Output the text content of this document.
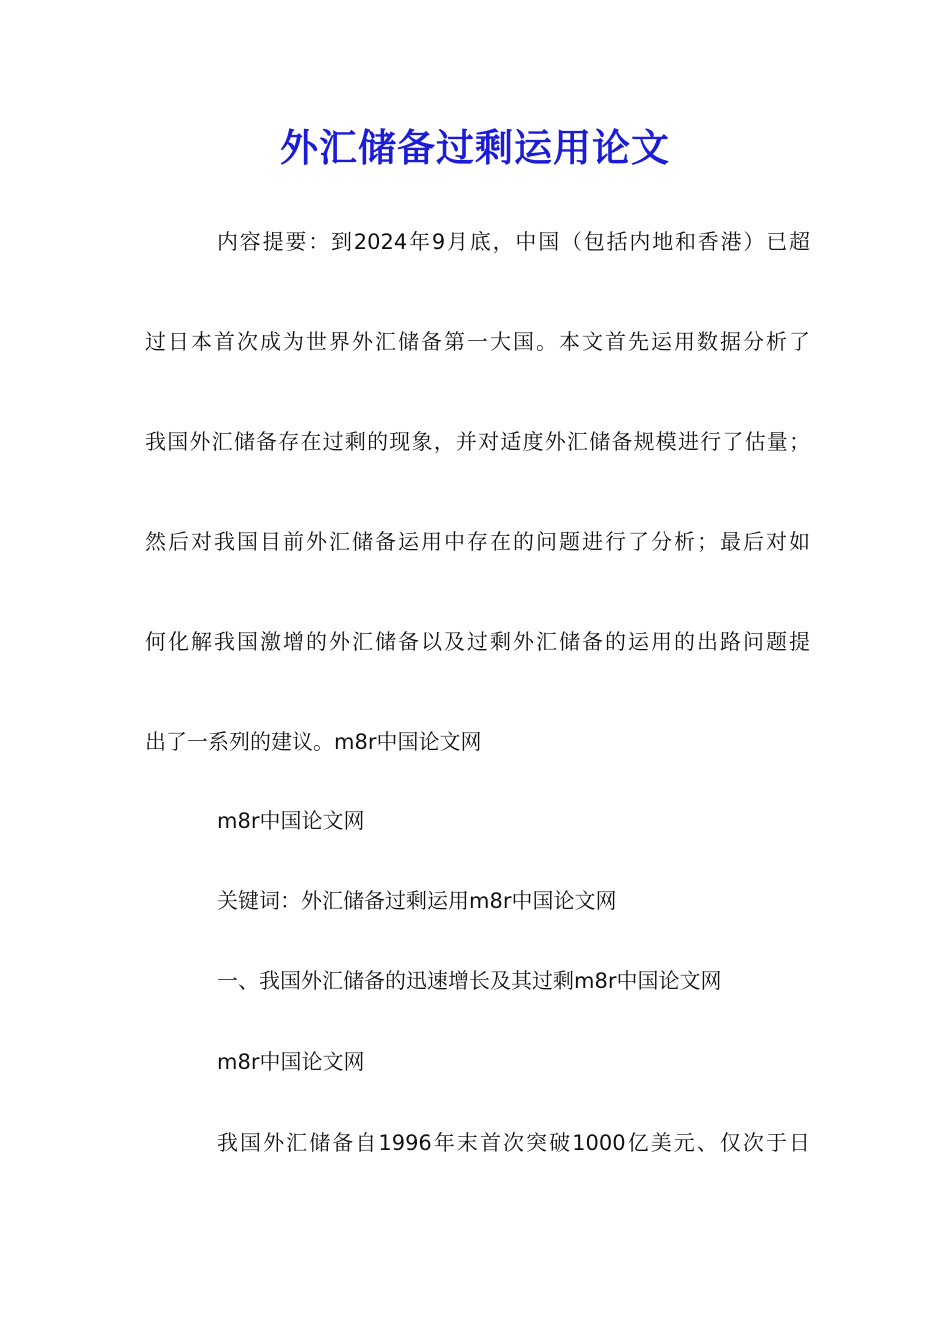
外汇储备过剩运用论文

内容提要：到2024年9月底，中国（包括内地和香港）已超

过日本首次成为世界外汇储备第一大国。本文首先运用数据分析了

我国外汇储备存在过剩的现象，并对适度外汇储备规模进行了估量；

然后对我国目前外汇储备运用中存在的问题进行了分析；最后对如

何化解我国激增的外汇储备以及过剩外汇储备的运用的出路问题提

出了一系列的建议。m8r中国论文网

m8r中国论文网

关键词：外汇储备过剩运用m8r中国论文网

一、我国外汇储备的迅速增长及其过剩m8r中国论文网

m8r中国论文网

我国外汇储备自1996年末首次突破1000亿美元、仅次于日
